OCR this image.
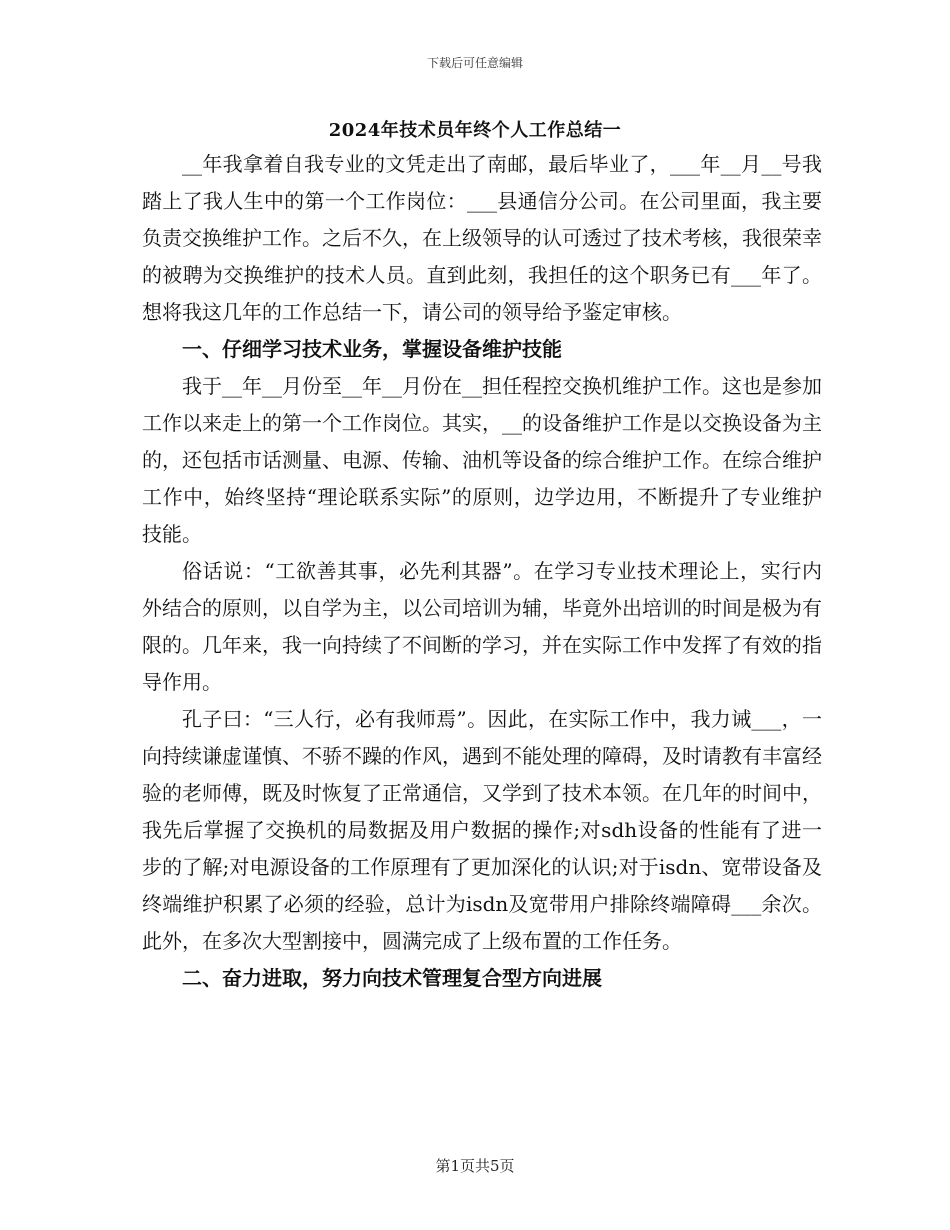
下载后可任意编辑
2024年技术员年终个人工作总结一

__年我拿着自我专业的文凭走出了南邮，最后毕业了，___年__月__号我踏上了我人生中的第一个工作岗位：___县通信分公司。在公司里面，我主要负责交换维护工作。之后不久，在上级领导的认可透过了技术考核，我很荣幸的被聘为交换维护的技术人员。直到此刻，我担任的这个职务已有___年了。想将我这几年的工作总结一下，请公司的领导给予鉴定审核。

一、仔细学习技术业务，掌握设备维护技能

我于__年__月份至__年__月份在__担任程控交换机维护工作。这也是参加工作以来走上的第一个工作岗位。其实，__的设备维护工作是以交换设备为主的，还包括市话测量、电源、传输、油机等设备的综合维护工作。在综合维护工作中，始终坚持“理论联系实际”的原则，边学边用，不断提升了专业维护技能。

俗话说：“工欲善其事，必先利其器”。在学习专业技术理论上，实行内外结合的原则，以自学为主，以公司培训为辅，毕竟外出培训的时间是极为有限的。几年来，我一向持续了不间断的学习，并在实际工作中发挥了有效的指导作用。

孔子曰：“三人行，必有我师焉”。因此，在实际工作中，我力诫___，一向持续谦虚谨慎、不骄不躁的作风，遇到不能处理的障碍，及时请教有丰富经验的老师傅，既及时恢复了正常通信，又学到了技术本领。在几年的时间中，我先后掌握了交换机的局数据及用户数据的操作;对sdh设备的性能有了进一步的了解;对电源设备的工作原理有了更加深化的认识;对于isdn、宽带设备及终端维护积累了必须的经验，总计为isdn及宽带用户排除终端障碍___余次。此外，在多次大型割接中，圆满完成了上级布置的工作任务。

二、奋力进取，努力向技术管理复合型方向进展

第1页共5页
